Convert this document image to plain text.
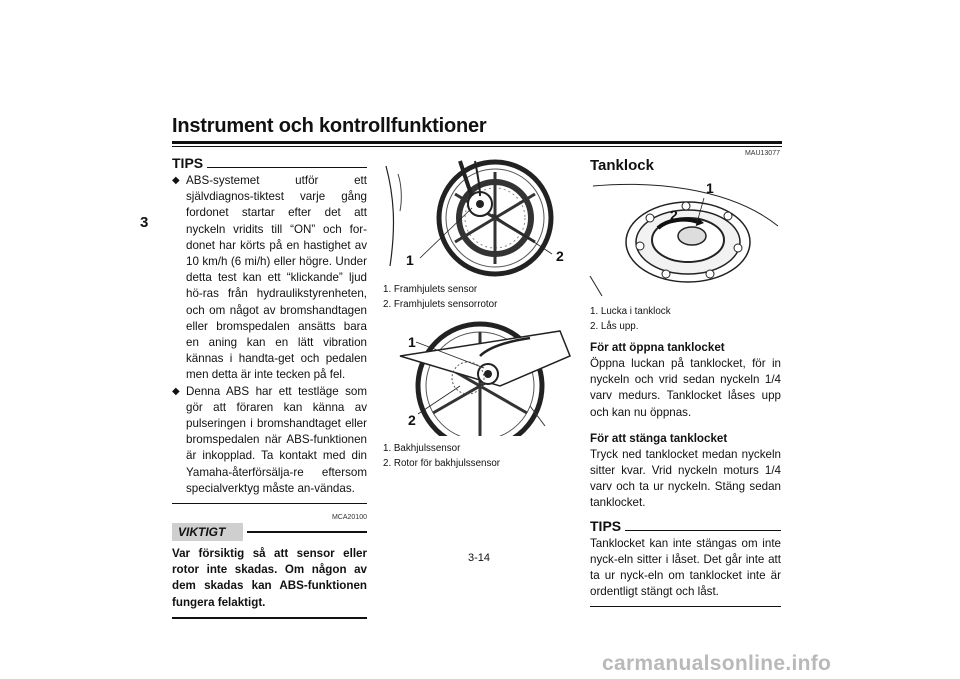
Instrument och kontrollfunktioner
3
TIPS
◆ ABS-systemet utför ett självdiagnos-tiktest varje gång fordonet startar efter det att nyckeln vridits till “ON” och for-donet har körts på en hastighet av 10 km/h (6 mi/h) eller högre. Under detta test kan ett “klickande” ljud hö-ras från hydraulikstyrenheten, och om något av bromshandtagen eller bromspedalen ansätts bara en aning kan en lätt vibration kännas i handta-get och pedalen men detta är inte tecken på fel.
◆ Denna ABS har ett testläge som gör att föraren kan känna av pulseringen i bromshandtaget eller bromspedalen när ABS-funktionen är inkopplad. Ta kontakt med din Yamaha-återförsälja-re eftersom specialverktyg måste an-vändas.
MCA20100
VIKTIGT
Var försiktig så att sensor eller rotor inte skadas. Om någon av dem skadas kan ABS-funktionen fungera felaktigt.
1	2
1. Framhjulets sensor
2. Framhjulets sensorrotor
1
2
1. Bakhjulssensor
2. Rotor för bakhjulssensor
MAU13077
Tanklock
1
2
1. Lucka i tanklock
2. Lås upp.
För att öppna tanklocket
Öppna luckan på tanklocket, för in nyckeln och vrid sedan nyckeln 1/4 varv medurs. Tanklocket låses upp och kan nu öppnas.
För att stänga tanklocket
Tryck ned tanklocket medan nyckeln sitter kvar. Vrid nyckeln moturs 1/4 varv och ta ur nyckeln. Stäng sedan tanklocket.
TIPS
Tanklocket kan inte stängas om inte nyck-eln sitter i låset. Det går inte att ta ur nyck-eln om tanklocket inte är ordentligt stängt och låst.
3-14
carmanualsonline.info
